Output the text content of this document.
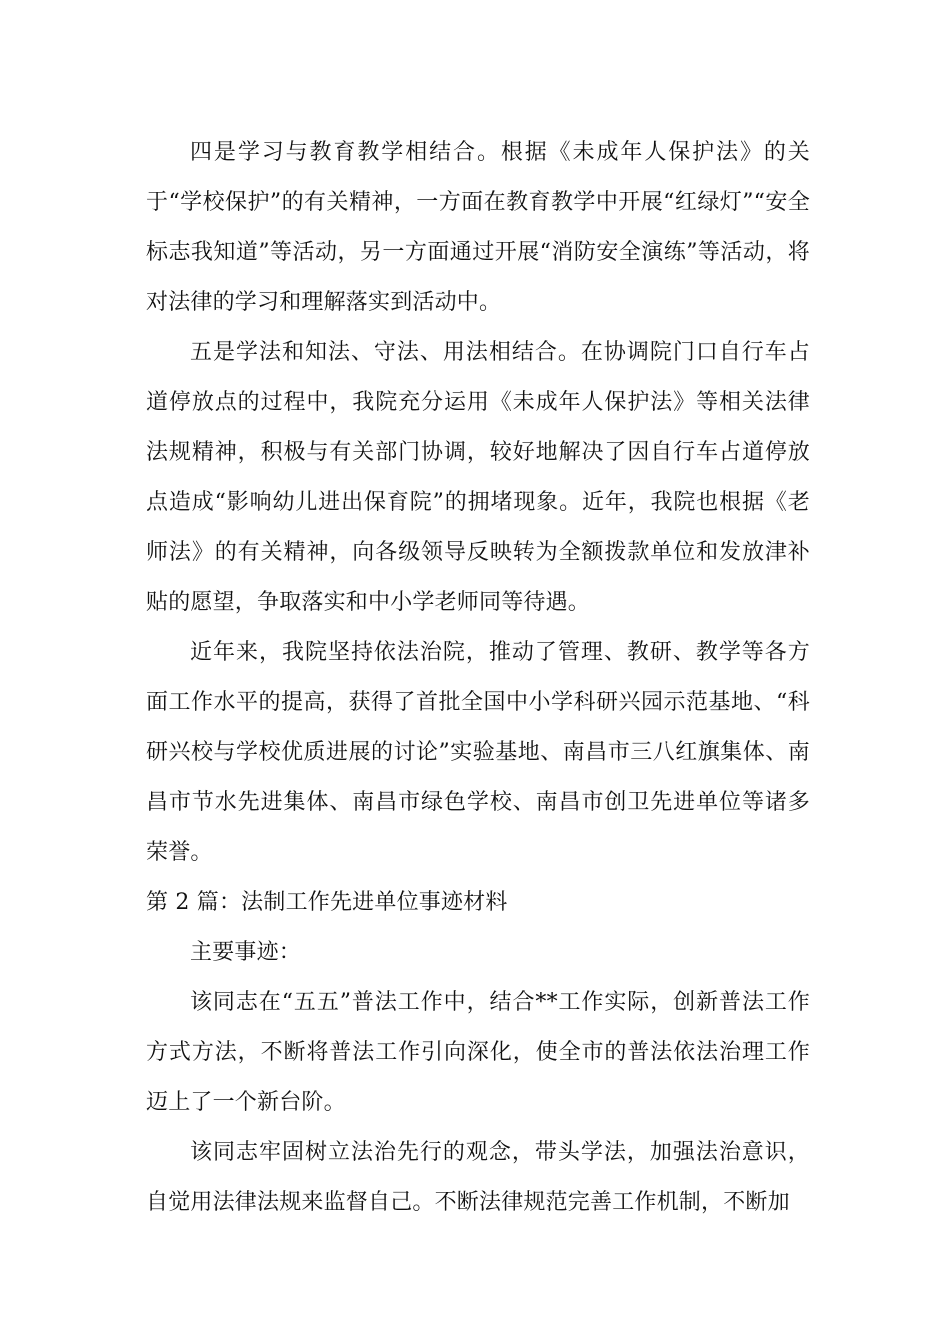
四是学习与教育教学相结合。根据《未成年人保护法》的关于“学校保护”的有关精神，一方面在教育教学中开展“红绿灯”“安全标志我知道”等活动，另一方面通过开展“消防安全演练”等活动，将对法律的学习和理解落实到活动中。

五是学法和知法、守法、用法相结合。在协调院门口自行车占道停放点的过程中，我院充分运用《未成年人保护法》等相关法律法规精神，积极与有关部门协调，较好地解决了因自行车占道停放点造成“影响幼儿进出保育院”的拥堵现象。近年，我院也根据《老师法》的有关精神，向各级领导反映转为全额拨款单位和发放津补贴的愿望，争取落实和中小学老师同等待遇。

近年来，我院坚持依法治院，推动了管理、教研、教学等各方面工作水平的提高，获得了首批全国中小学科研兴园示范基地、“科研兴校与学校优质进展的讨论”实验基地、南昌市三八红旗集体、南昌市节水先进集体、南昌市绿色学校、南昌市创卫先进单位等诸多荣誉。

第 2 篇：法制工作先进单位事迹材料

主要事迹：

该同志在“五五”普法工作中，结合**工作实际，创新普法工作方式方法，不断将普法工作引向深化，使全市的普法依法治理工作迈上了一个新台阶。

该同志牢固树立法治先行的观念，带头学法，加强法治意识，自觉用法律法规来监督自己。不断法律规范完善工作机制，不断加
